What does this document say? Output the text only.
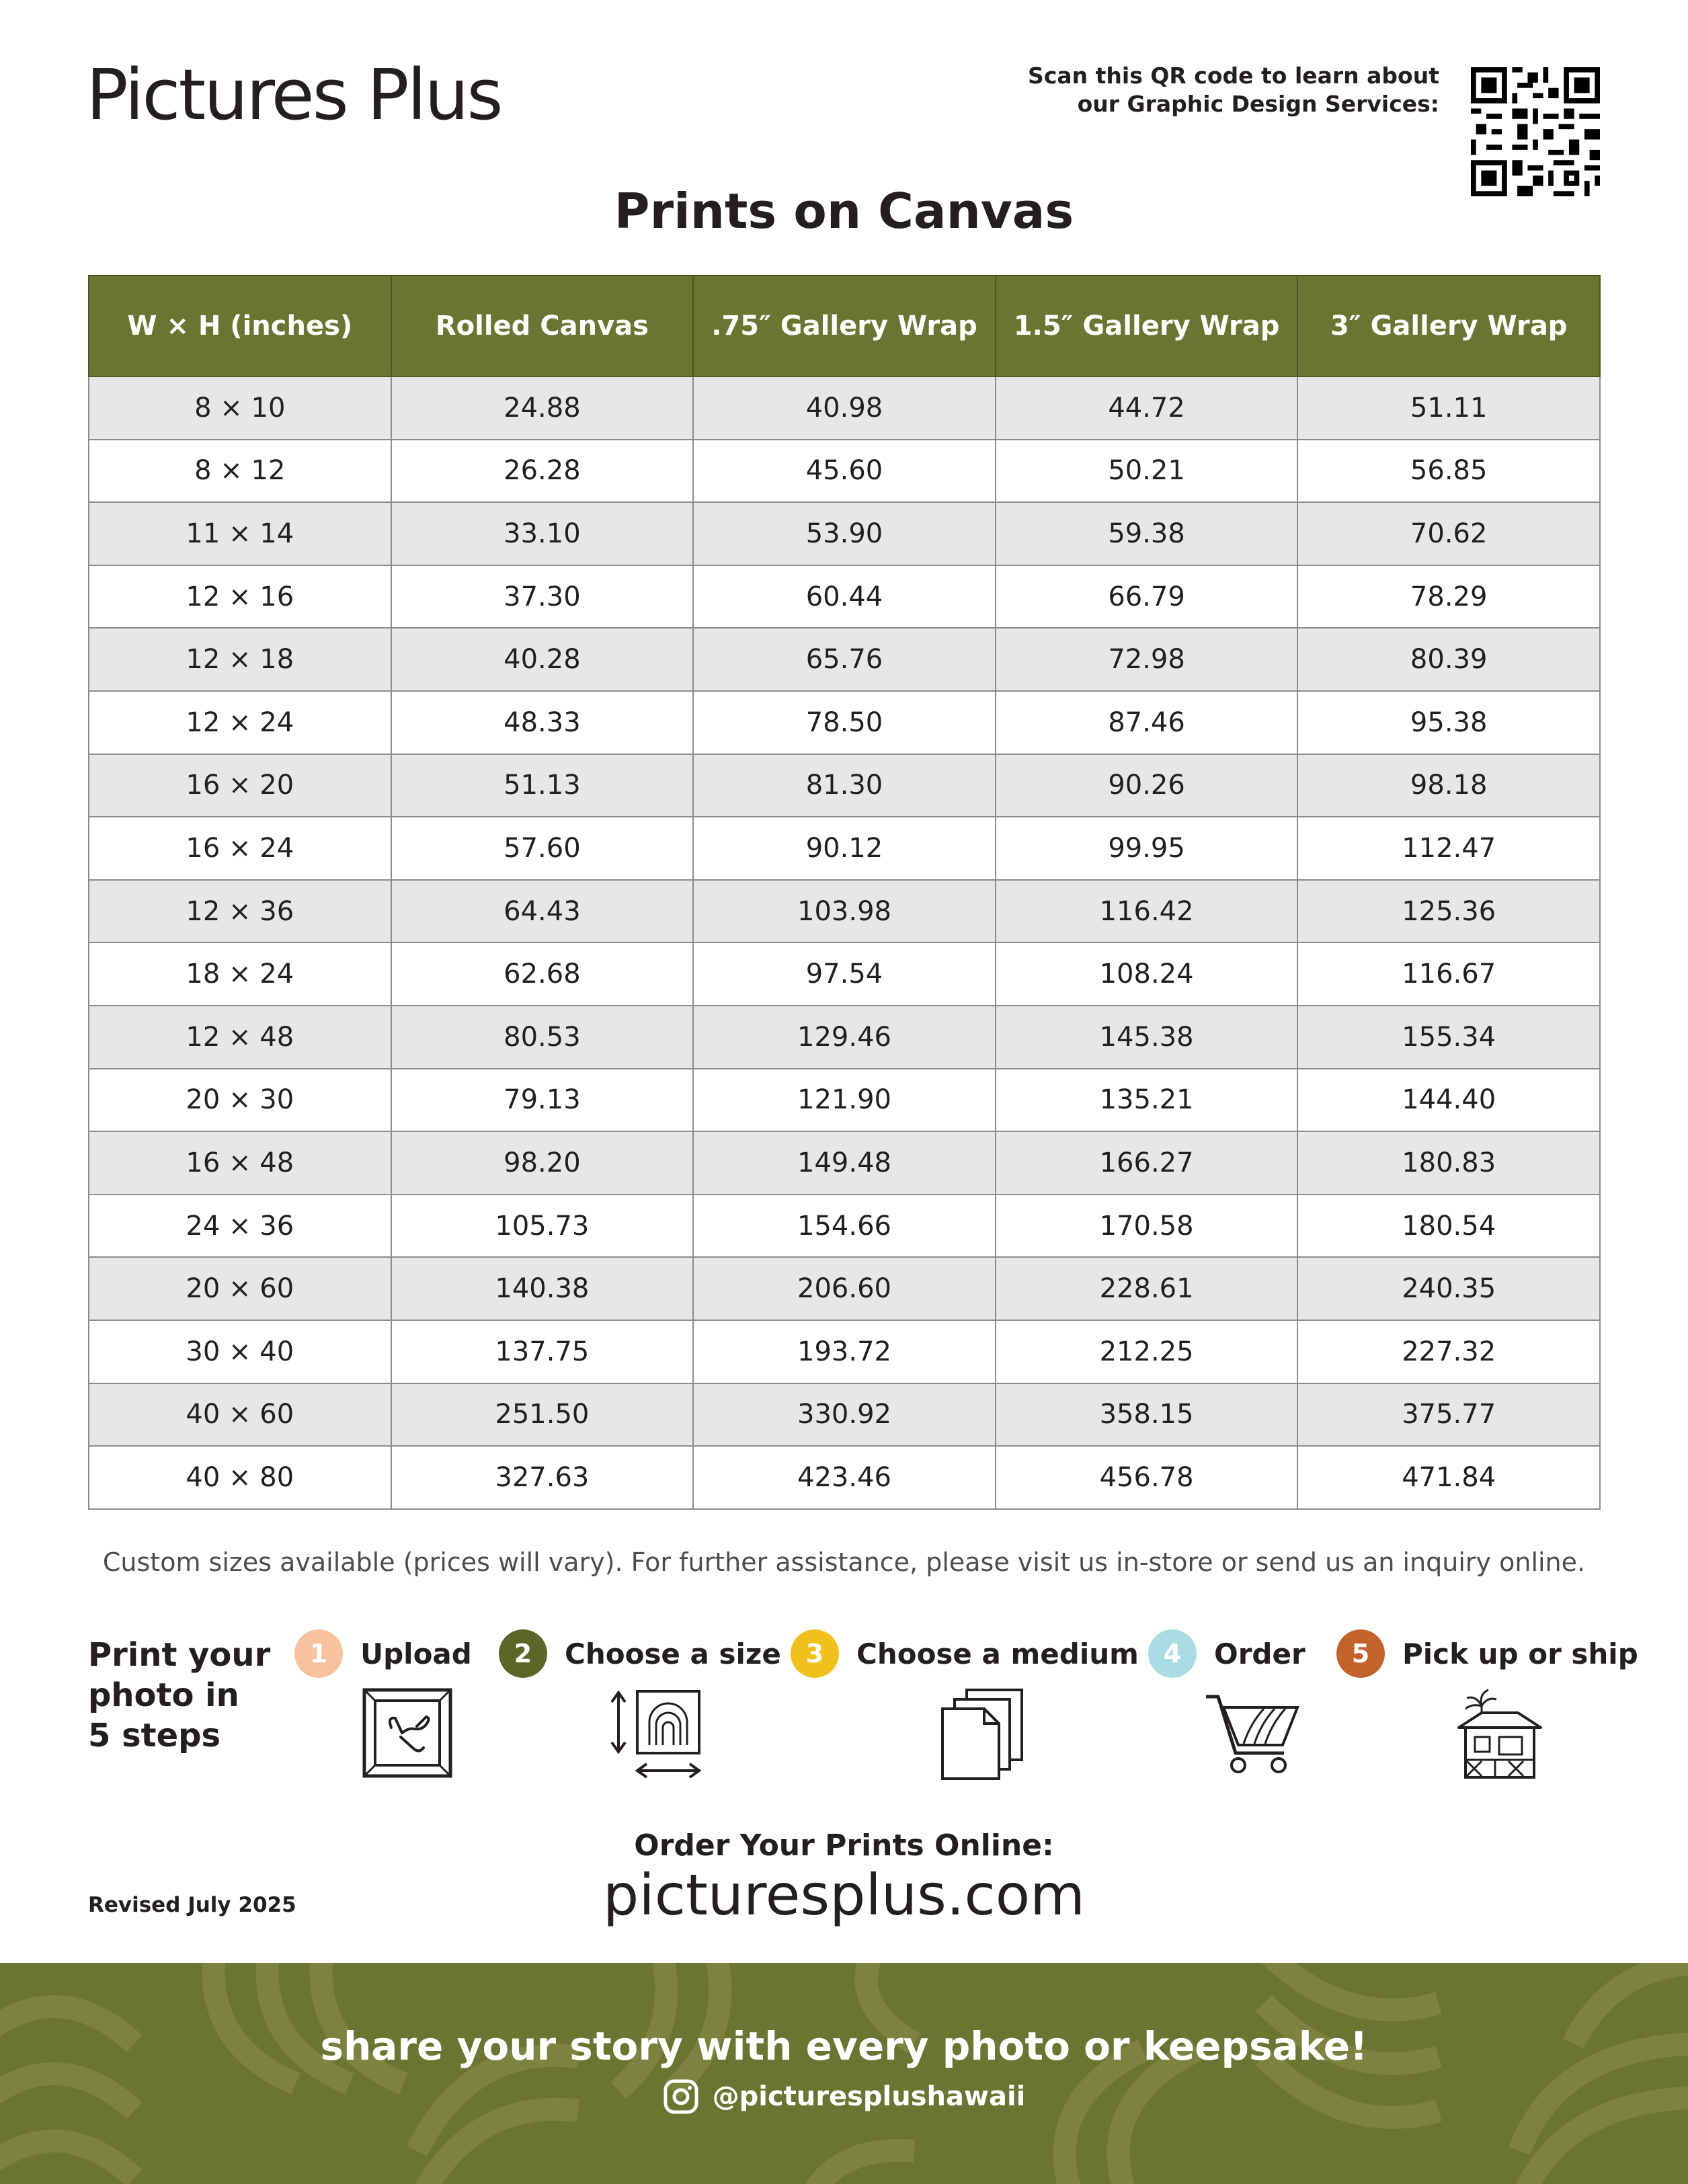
Pictures Plus	Scan this QR code to learn about
our Graphic Design Services:
Prints on Canvas
W × H (inches)	Rolled Canvas	.75″ Gallery Wrap	1.5″ Gallery Wrap	3″ Gallery Wrap
8 × 10	24.88	40.98	44.72	51.11
8 × 12	26.28	45.60	50.21	56.85
11 × 14	33.10	53.90	59.38	70.62
12 × 16	37.30	60.44	66.79	78.29
12 × 18	40.28	65.76	72.98	80.39
12 × 24	48.33	78.50	87.46	95.38
16 × 20	51.13	81.30	90.26	98.18
16 × 24	57.60	90.12	99.95	112.47
12 × 36	64.43	103.98	116.42	125.36
18 × 24	62.68	97.54	108.24	116.67
12 × 48	80.53	129.46	145.38	155.34
20 × 30	79.13	121.90	135.21	144.40
16 × 48	98.20	149.48	166.27	180.83
24 × 36	105.73	154.66	170.58	180.54
20 × 60	140.38	206.60	228.61	240.35
30 × 40	137.75	193.72	212.25	227.32
40 × 60	251.50	330.92	358.15	375.77
40 × 80	327.63	423.46	456.78	471.84
Custom sizes available (prices will vary). For further assistance, please visit us in-store or send us an inquiry online.
Print your
photo in
5 steps
1	Upload	2	Choose a size 3	Choose a medium 4	Order	5	Pick up or ship
Order Your Prints Online:
picturesplus.com
Revised July 2025
share your story with every photo or keepsake!
@picturesplushawaii
